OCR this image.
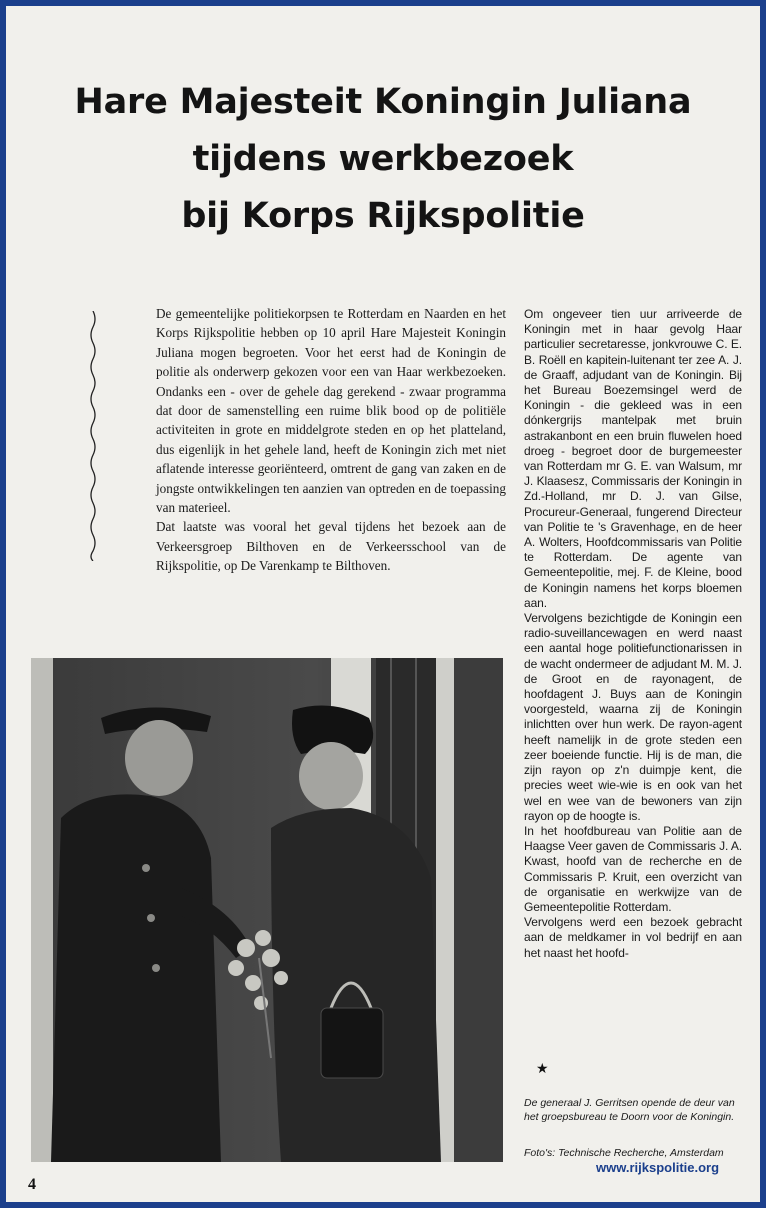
Hare Majesteit Koningin Juliana
tijdens werkbezoek
bij Korps Rijkspolitie

De gemeentelijke politiekorpsen te Rotterdam en Naarden en het Korps Rijkspolitie hebben op 10 april Hare Majesteit Koningin Juliana mogen begroeten. Voor het eerst had de Koningin de politie als onderwerp gekozen voor een van Haar werkbezoeken. Ondanks een - over de gehele dag gerekend - zwaar programma dat door de samenstelling een ruime blik bood op de politiële activiteiten in grote en middelgrote steden en op het platteland, dus eigenlijk in het gehele land, heeft de Koningin zich met niet aflatende interesse georiënteerd, omtrent de gang van zaken en de jongste ontwikkelingen ten aanzien van optreden en de toepassing van materieel.

Dat laatste was vooral het geval tijdens het bezoek aan de Verkeersgroep Bilthoven en de Verkeersschool van de Rijkspolitie, op De Varenkamp te Bilthoven.

Om ongeveer tien uur arriveerde de Koningin met in haar gevolg Haar particulier secretaresse, jonkvrouwe C. E. B. Roëll en kapitein-luitenant ter zee A. J. de Graaff, adjudant van de Koningin. Bij het Bureau Boezemsingel werd de Koningin - die gekleed was in een dónkergrijs mantelpak met bruin astrakanbont en een bruin fluwelen hoed droeg - begroet door de burgemeester van Rotterdam mr G. E. van Walsum, mr J. Klaasesz, Commissaris der Koningin in Zd.-Holland, mr D. J. van Gilse, Procureur-Generaal, fungerend Directeur van Politie te 's Gravenhage, en de heer A. Wolters, Hoofdcommissaris van Politie te Rotterdam. De agente van Gemeentepolitie, mej. F. de Kleine, bood de Koningin namens het korps bloemen aan.

Vervolgens bezichtigde de Koningin een radio-suveillancewagen en werd naast een aantal hoge politiefunctionarissen in de wacht ondermeer de adjudant M. M. J. de Groot en de rayonagent, de hoofdagent J. Buys aan de Koningin voorgesteld, waarna zij de Koningin inlichtten over hun werk. De rayon-agent heeft namelijk in de grote steden een zeer boeiende functie. Hij is de man, die zijn rayon op z'n duimpje kent, die precies weet wie-wie is en ook van het wel en wee van de bewoners van zijn rayon op de hoogte is.

In het hoofdbureau van Politie aan de Haagse Veer gaven de Commissaris J. A. Kwast, hoofd van de recherche en de Commissaris P. Kruit, een overzicht van de organisatie en werkwijze van de Gemeentepolitie Rotterdam.

Vervolgens werd een bezoek gebracht aan de meldkamer in vol bedrijf en aan het naast het hoofd-

★
De generaal J. Gerritsen opende de deur van het groepsbureau te Doorn voor de Koningin.
Foto's: Technische Recherche, Amsterdam
www.rijkspolitie.org
4
